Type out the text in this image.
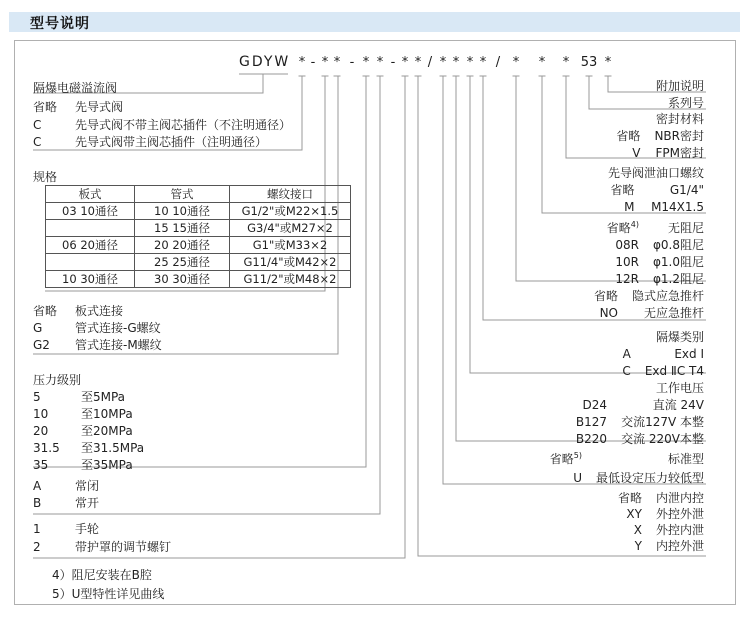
型号说明
GDYW * - * * - * * - * * / * * * * / * * * 53 *
隔爆电磁溢流阀
省略	先导式阀
C	先导式阀不带主阀芯插件（不注明通径）
C	先导式阀带主阀芯插件（注明通径）
规格
板式	管式	螺纹接口
03 10通径	10 10通径	G1/2"或M22×1.5
	15 15通径	G3/4"或M27×2
06 20通径	20 20通径	G1"或M33×2
	25 25通径	G11/4"或M42×2
10 30通径	30 30通径	G11/2"或M48×2
省略	板式连接
G	管式连接-G螺纹
G2	管式连接-M螺纹
压力级别
5	至5MPa
10	至10MPa
20	至20MPa
31.5	至31.5MPa
35	至35MPa
A	常闭
B	常开
1	手轮
2	带护罩的调节螺钉
4）阻尼安装在B腔
5）U型特性详见曲线
附加说明
系列号
密封材料
省略 NBR密封
V FPM密封
先导阀泄油口螺纹
省略	G1/4"
M M14X1.5
省略$^{4)}$ 无阻尼
08R φ0.8阻尼
10R φ1.0阻尼
12R φ1.2阻尼
省略 隐式应急推杆
NO 无应急推杆
隔爆类别
A	Exd Ⅰ
C Exd ⅡC T4
工作电压
D24	直流 24V
B127 交流127V 本整
B220 交流 220V本整
省略$^{5)}$	标准型
U 最低设定压力较低型
省略 内泄内控
XY 外控外泄
X 外控内泄
Y 内控外泄
